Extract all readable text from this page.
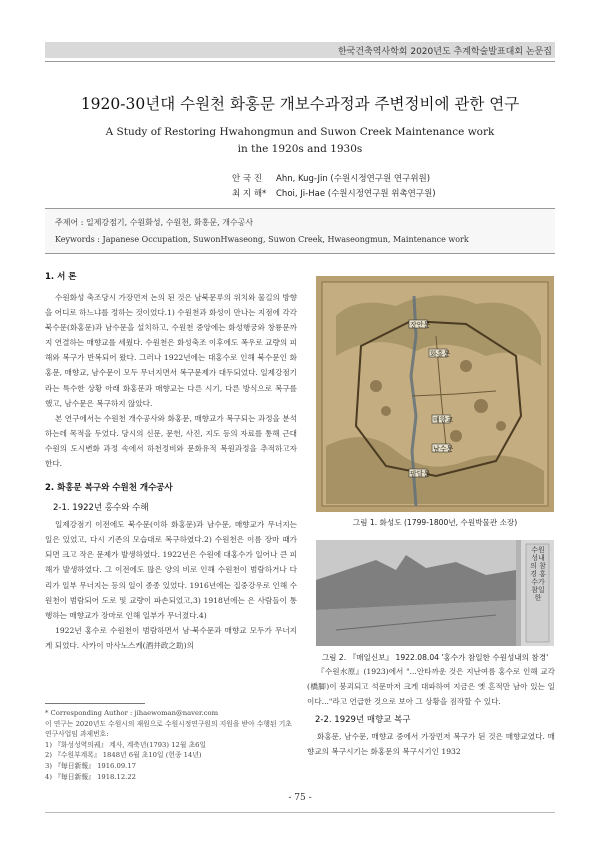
한국건축역사학회 2020년도 추계학술발표대회 논문집
1920-30년대 수원천 화홍문 개보수과정과 주변정비에 관한 연구
A Study of Restoring Hwahongmun and Suwon Creek Maintenance work
in the 1920s and 1930s
안 국 진 Ahn, Kug-Jin (수원시정연구원 연구위원)
최 지 해* Choi, Ji-Hae (수원시정연구원 위촉연구원)
주제어 : 일제강점기, 수원화성, 수원천, 화홍문, 개수공사
Keywords : Japanese Occupation, SuwonHwaseong, Suwon Creek, Hwaseongmun, Maintenance work
1. 서 론

수원화성 축조당시 가장먼저 논의 된 것은 남북문루의 위치와 물길의 방향을 어디로 하느냐를 정하는 것이었다.1) 수원천과 화성이 만나는 지점에 각각 북수문(화홍문)과 남수문을 설치하고, 수원천 중앙에는 화성행궁와 창룡문까지 연결하는 매향교를 세웠다. 수원천은 화성축조 이후에도 폭우로 교량의 피해와 복구가 반복되어 왔다. 그러나 1922년에는 대홍수로 인해 북수문인 화홍문, 매향교, 남수문이 모두 무너지면서 복구문제가 대두되었다. 일제강점기라는 특수한 상황 아래 화홍문과 매향교는 다른 시기, 다른 방식으로 복구를 했고, 남수문은 복구하지 않았다.

본 연구에서는 수원천 개수공사와 화홍문, 매향교가 복구되는 과정을 분석하는데 목적을 두었다. 당시의 신문, 문헌, 사진, 지도 등의 자료를 통해 근대 수원의 도시변화 과정 속에서 하천정비와 문화유적 복원과정을 추적하고자 한다.

2. 화홍문 복구와 수원천 개수공사
2-1. 1922년 홍수와 수해

일제강점기 이전에도 북수문(이하 화홍문)과 남수문, 매향교가 무너지는 일은 있었고, 다시 기존의 모습대로 복구하였다.2) 수원천은 이름 장마 때가 되면 크고 작은 문제가 발생하였다. 1922년은 수원에 대홍수가 일어나 큰 피해가 발생하였다. 그 이전에도 많은 양의 비로 인해 수원천이 범람하거나 다리가 일부 무너지는 등의 일이 종종 있었다. 1916년에는 집중강우로 인해 수원천이 범람되어 도로 및 교량이 파손되었고,3) 1918년에는 은 사람들이 통행하는 매향교가 장마로 인해 일부가 무너졌다.4)

1922년 홍수로 수원천이 범람하면서 남·북수문과 매향교 모두가 무너지게 되었다. 사카이 마사노스케(酒井政之助)의

* Corresponding Author : jihaewoman@naver.com
이 연구는 2020년도 수원시의 재원으로 수원시정연구원의 지원을 받아 수행된 기초연구사업임 과제번호:
1) 『화성성역의궤』 계사, 계축년(1793) 12월 초6일
2) 『수원부계록』 1848년 6월 초10일 (헌종 14년)
3) 『毎日新報』 1916.09.17
4) 『毎日新報』 1918.12.22
장안문
화홍문
매향교
팔달문
남수문
그림 1. 화성도 (1799-1800년, 수원박물관 소장)
수원성내의 참경 홍수가 참일한
그림 2. 『매일신보』 1922.08.04 '홍수가 참일한 수원성내의 참경'

『수원水原』(1923)에서 "...안타까운 것은 지난여름 홍수로 인해 교각(橋脚)이 붕괴되고 석문마저 크게 대파하여 지금은 옛 흔적만 남아 있는 일이다..."라고 언급한 것으로 보아 그 상황을 짐작할 수 있다.

2-2. 1929년 매향교 복구

화홍문, 남수문, 매향교 중에서 가장먼저 복구가 된 것은 매향교였다. 매향교의 복구시기는 화홍문의 복구시기인 1932

- 75 -
